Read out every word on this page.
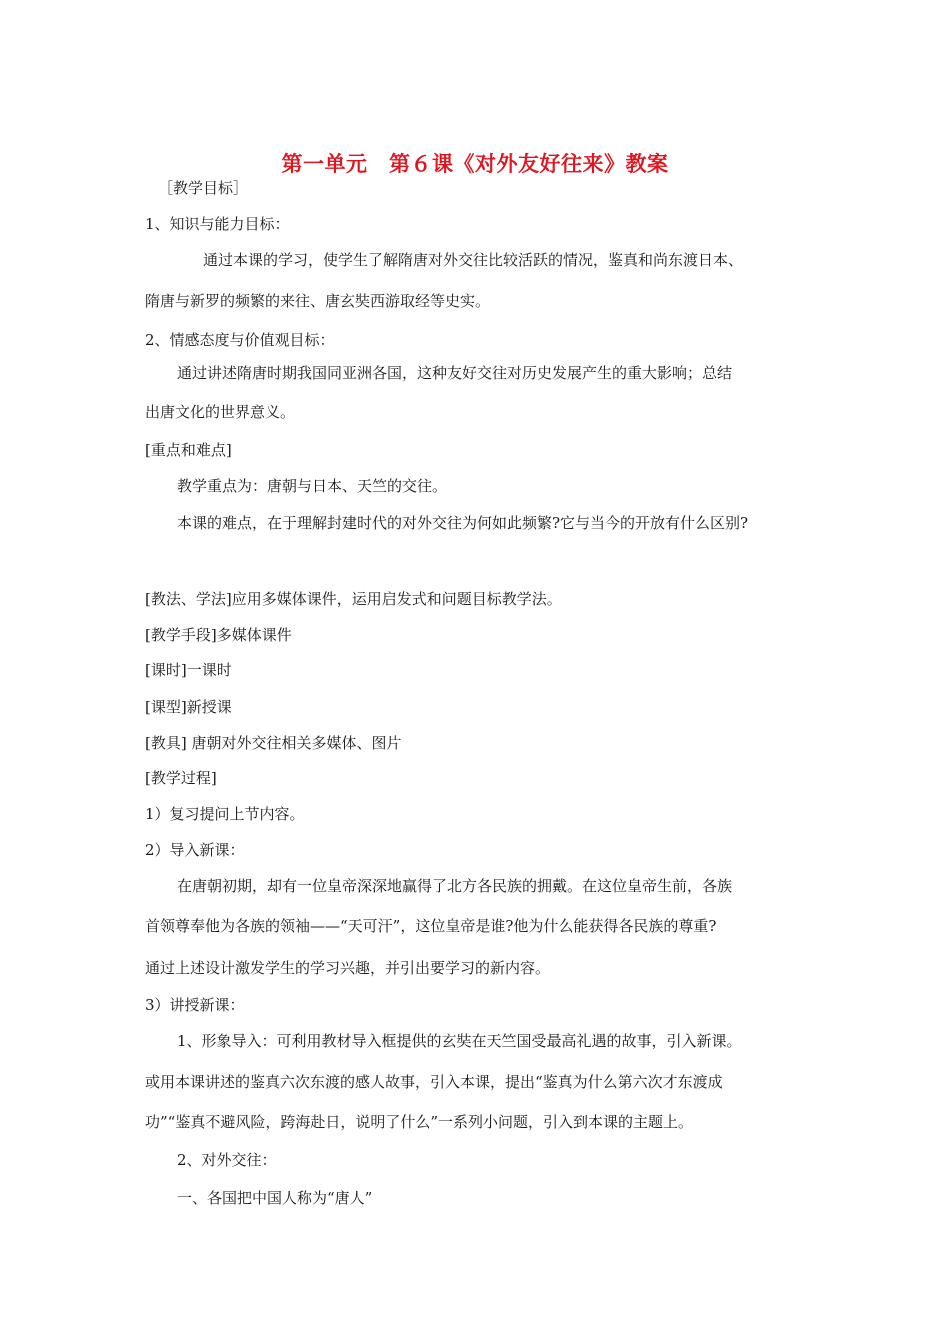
第一单元　第６课《对外友好往来》教案
［教学目标］
1、知识与能力目标：
通过本课的学习，使学生了解隋唐对外交往比较活跃的情况，鉴真和尚东渡日本、
隋唐与新罗的频繁的来往、唐玄奘西游取经等史实。
2、情感态度与价值观目标：
通过讲述隋唐时期我国同亚洲各国，这种友好交往对历史发展产生的重大影响；总结
出唐文化的世界意义。
[重点和难点]
教学重点为：唐朝与日本、天竺的交往。
本课的难点，在于理解封建时代的对外交往为何如此频繁?它与当今的开放有什么区别?
[教法、学法]应用多媒体课件，运用启发式和问题目标教学法。
[教学手段]多媒体课件
[课时]一课时
[课型]新授课
[教具] 唐朝对外交往相关多媒体、图片
[教学过程]
1）复习提问上节内容。
2）导入新课：
在唐朝初期，却有一位皇帝深深地赢得了北方各民族的拥戴。在这位皇帝生前，各族
首领尊奉他为各族的领袖——“天可汗”，这位皇帝是谁?他为什么能获得各民族的尊重?
通过上述设计激发学生的学习兴趣，并引出要学习的新内容。
3）讲授新课：
1、形象导入：可利用教材导入框提供的玄奘在天竺国受最高礼遇的故事，引入新课。
或用本课讲述的鉴真六次东渡的感人故事，引入本课，提出“鉴真为什么第六次才东渡成
功”“鉴真不避风险，跨海赴日，说明了什么”一系列小问题，引入到本课的主题上。
2、对外交往：
一、各国把中国人称为“唐人”
